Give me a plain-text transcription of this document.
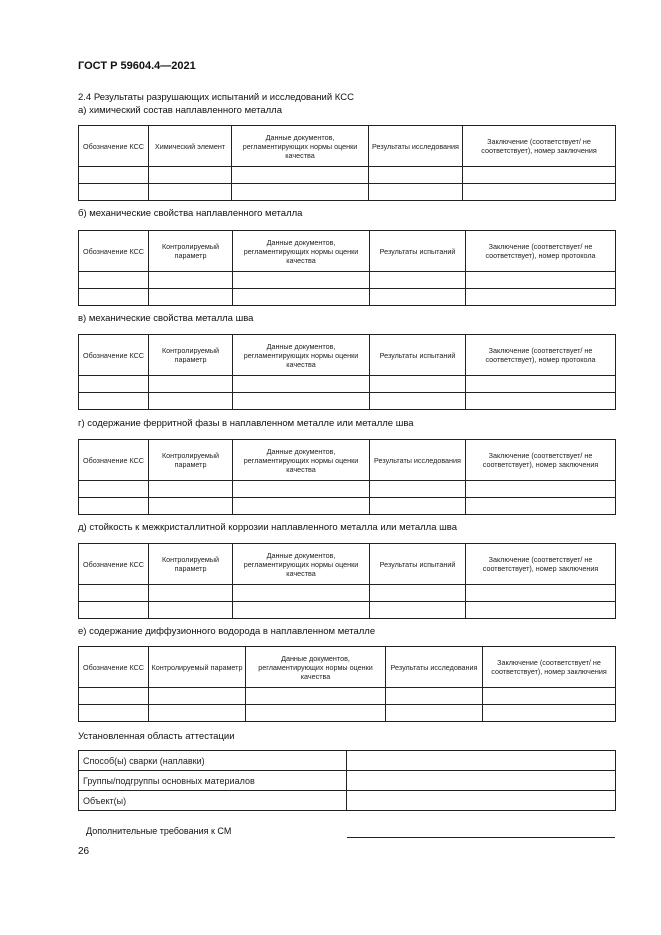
ГОСТ Р 59604.4—2021
2.4 Результаты разрушающих испытаний и исследований КСС
а) химический состав наплавленного металла
Обозначение КСС	Химический элемент	Данные документов, регламентирующих нормы оценки качества	Результаты исследования	Заключение (соответствует/ не соответствует), номер заключения

б) механические свойства наплавленного металла
Обозначение КСС	Контролируемый параметр	Данные документов, регламентирующих нормы оценки качества	Результаты испытаний	Заключение (соответствует/ не соответствует), номер протокола

в) механические свойства металла шва
Обозначение КСС	Контролируемый параметр	Данные документов, регламентирующих нормы оценки качества	Результаты испытаний	Заключение (соответствует/ не соответствует), номер протокола

г) содержание ферритной фазы в наплавленном металле или металле шва
Обозначение КСС	Контролируемый параметр	Данные документов, регламентирующих нормы оценки качества	Результаты исследования	Заключение (соответствует/ не соответствует), номер заключения

д) стойкость к межкристаллитной коррозии наплавленного металла или металла шва
Обозначение КСС	Контролируемый параметр	Данные документов, регламентирующих нормы оценки качества	Результаты испытаний	Заключение (соответствует/ не соответствует), номер заключения

е) содержание диффузионного водорода в наплавленном металле
Обозначение КСС	Контролируемый параметр	Данные документов, регламентирующих нормы оценки качества	Результаты исследования	Заключение (соответствует/ не соответствует), номер заключения

Установленная область аттестации
Способ(ы) сварки (наплавки)	
Группы/подгруппы основных материалов	
Объект(ы)	
Дополнительные требования к СМ
26
